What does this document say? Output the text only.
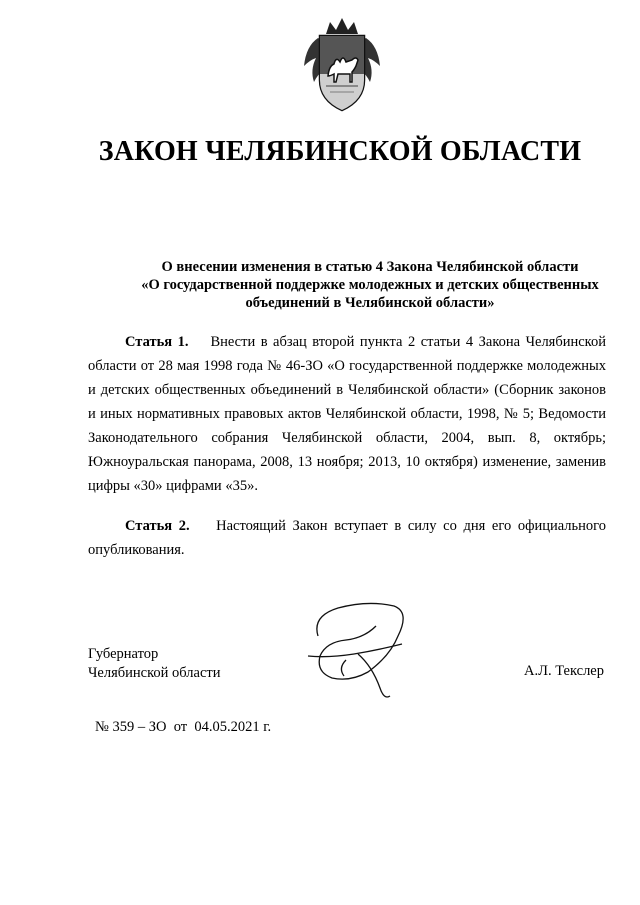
ЗАКОН ЧЕЛЯБИНСКОЙ ОБЛАСТИ
О внесении изменения в статью 4 Закона Челябинской области
«О государственной поддержке молодежных и детских общественных
объединений в Челябинской области»
Статья 1. Внести в абзац второй пункта 2 статьи 4 Закона Челябинской области от 28 мая 1998 года № 46-ЗО «О государственной поддержке молодежных и детских общественных объединений в Челябинской области» (Сборник законов и иных нормативных правовых актов Челябинской области, 1998, № 5; Ведомости Законодательного собрания Челябинской области, 2004, вып. 8, октябрь; Южноуральская панорама, 2008, 13 ноября; 2013, 10 октября) изменение, заменив цифры «30» цифрами «35».
Статья 2. Настоящий Закон вступает в силу со дня его официального опубликования.
Губернатор
Челябинской области	А.Л. Текслер
№ 359 – ЗО  от  04.05.2021 г.
